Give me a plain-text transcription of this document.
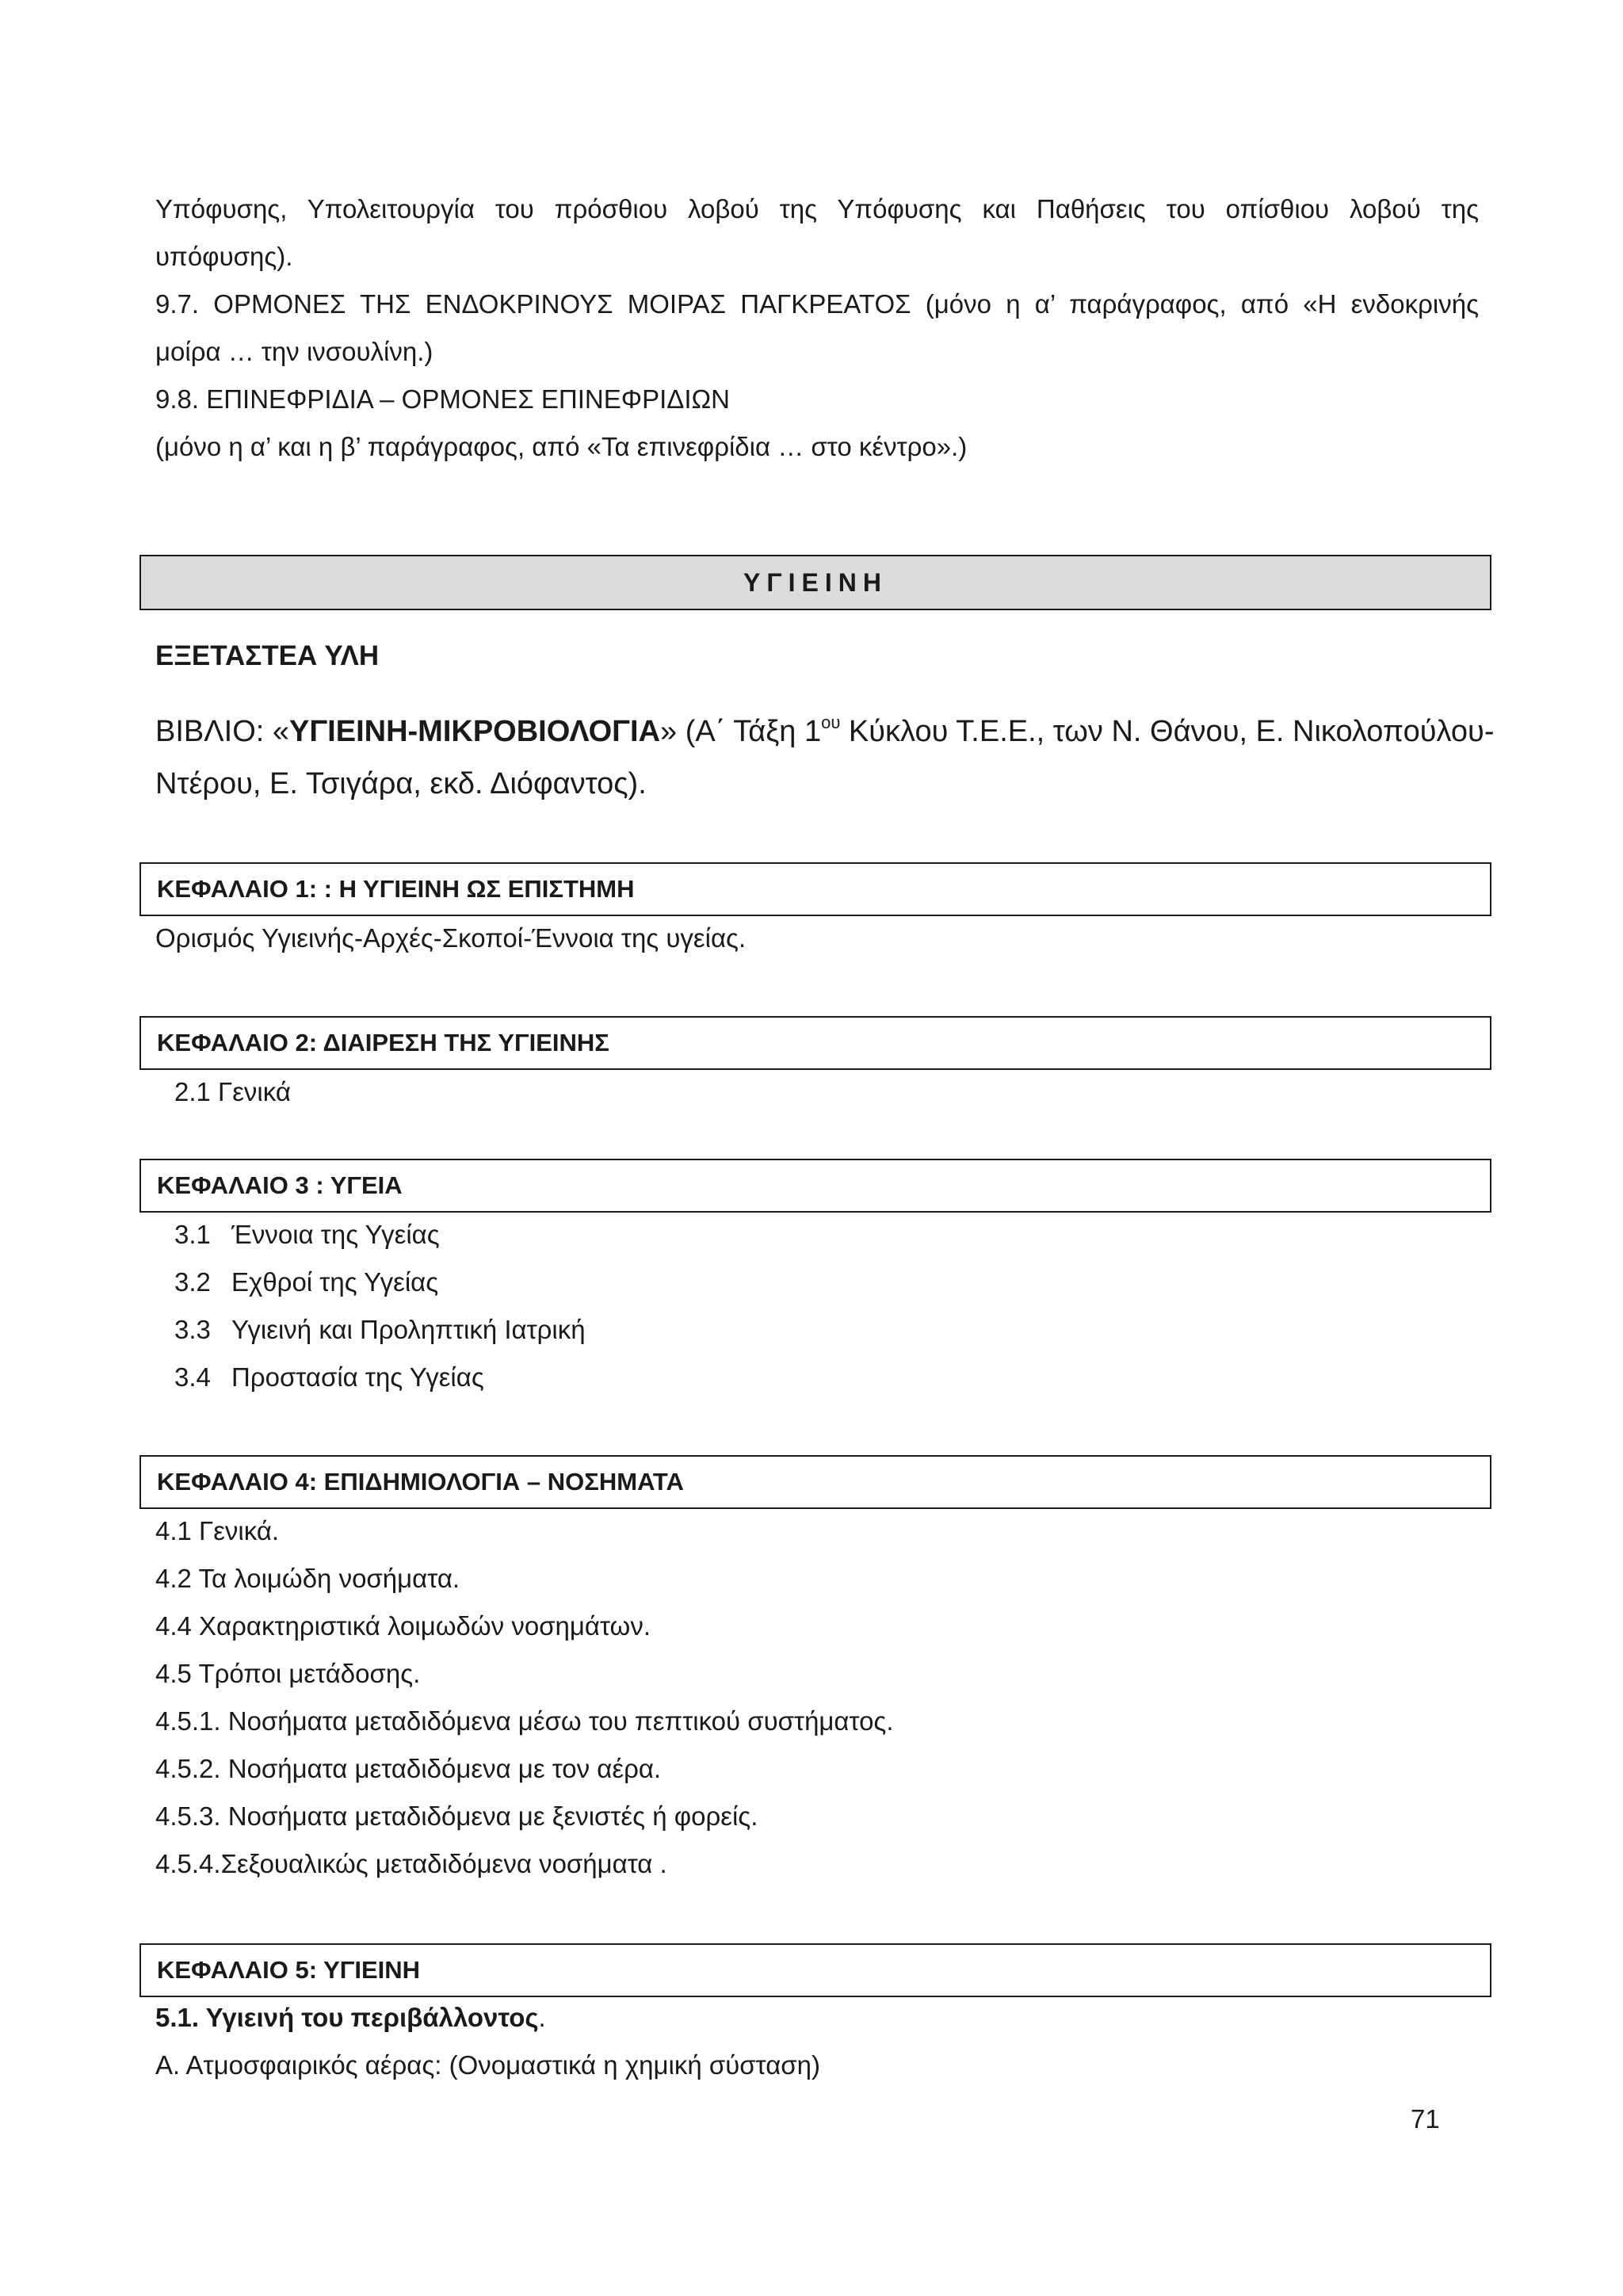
Υπόφυσης, Υπολειτουργία του πρόσθιου λοβού της Υπόφυσης και Παθήσεις του οπίσθιου λοβού της
υπόφυσης).
9.7. ΟΡΜΟΝΕΣ ΤΗΣ ΕΝΔΟΚΡΙΝΟΥΣ ΜΟΙΡΑΣ ΠΑΓΚΡΕΑΤΟΣ (μόνο η α’ παράγραφος, από «Η ενδοκρινής
μοίρα … την ινσουλίνη.)
9.8. ΕΠΙΝΕΦΡΙΔΙΑ – ΟΡΜΟΝΕΣ ΕΠΙΝΕΦΡΙΔΙΩΝ
(μόνο η α’ και η β’ παράγραφος, από «Τα επινεφρίδια … στο κέντρο».)
ΥΓΙΕΙΝΗ
ΕΞΕΤΑΣΤΕΑ ΥΛΗ
ΒΙΒΛΙΟ: «ΥΓΙΕΙΝΗ-ΜΙΚΡΟΒΙΟΛΟΓΙΑ» (Α΄ Τάξη $1^{o\upsilon}$ Κύκλου Τ.Ε.Ε., των Ν. Θάνου, Ε. Νικολοπούλου-
Ντέρου, Ε. Τσιγάρα, εκδ. Διόφαντος).
ΚΕΦΑΛΑΙΟ 1: : Η ΥΓΙΕΙΝΗ ΩΣ ΕΠΙΣΤΗΜΗ
Ορισμός Υγιεινής-Αρχές-Σκοποί-Έννοια της υγείας.
ΚΕΦΑΛΑΙΟ 2: ΔΙΑΙΡΕΣΗ ΤΗΣ ΥΓΙΕΙΝΗΣ
2.1 Γενικά
ΚΕΦΑΛΑΙΟ 3 : ΥΓΕΙΑ
3.1 Έννοια της Υγείας
3.2 Εχθροί της Υγείας
3.3 Υγιεινή και Προληπτική Ιατρική
3.4 Προστασία της Υγείας
ΚΕΦΑΛΑΙΟ 4: ΕΠΙΔΗΜΙΟΛΟΓΙΑ – ΝΟΣΗΜΑΤΑ
4.1 Γενικά.
4.2 Τα λοιμώδη νοσήματα.
4.4 Χαρακτηριστικά λοιμωδών νοσημάτων.
4.5 Τρόποι μετάδοσης.
4.5.1. Νοσήματα μεταδιδόμενα μέσω του πεπτικού συστήματος.
4.5.2. Νοσήματα μεταδιδόμενα με τον αέρα.
4.5.3. Νοσήματα μεταδιδόμενα με ξενιστές ή φορείς.
4.5.4.Σεξουαλικώς μεταδιδόμενα νοσήματα .
ΚΕΦΑΛΑΙΟ 5: ΥΓΙΕΙΝΗ
5.1. Υγιεινή του περιβάλλοντος.
Α. Ατμοσφαιρικός αέρας: (Ονομαστικά η χημική σύσταση)
71
